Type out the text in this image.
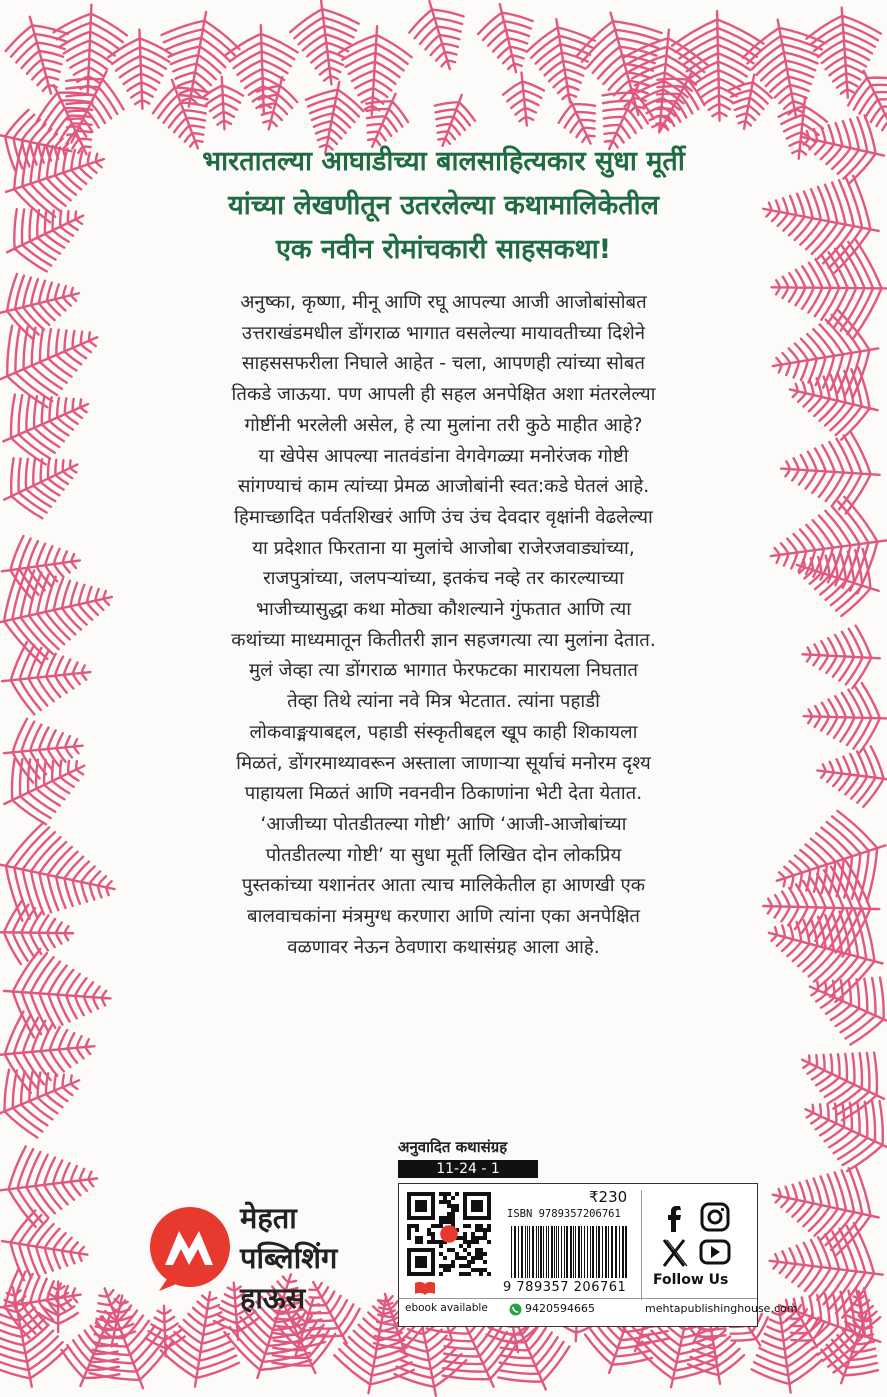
भारतातल्या आघाडीच्या बालसाहित्यकार सुधा मूर्ती
यांच्या लेखणीतून उतरलेल्या कथामालिकेतील
एक नवीन रोमांचकारी साहसकथा!
अनुष्का, कृष्णा, मीनू आणि रघू आपल्या आजी आजोबांसोबत
उत्तराखंडमधील डोंगराळ भागात वसलेल्या मायावतीच्या दिशेने
साहससफरीला निघाले आहेत - चला, आपणही त्यांच्या सोबत
तिकडे जाऊया. पण आपली ही सहल अनपेक्षित अशा मंतरलेल्या
गोष्टींनी भरलेली असेल, हे त्या मुलांना तरी कुठे माहीत आहे?
या खेपेस आपल्या नातवंडांना वेगवेगळ्या मनोरंजक गोष्टी
सांगण्याचं काम त्यांच्या प्रेमळ आजोबांनी स्वत:कडे घेतलं आहे.
हिमाच्छादित पर्वतशिखरं आणि उंच उंच देवदार वृक्षांनी वेढलेल्या
या प्रदेशात फिरताना या मुलांचे आजोबा राजेरजवाड्यांच्या,
राजपुत्रांच्या, जलपऱ्यांच्या, इतकंच नव्हे तर कारल्याच्या
भाजीच्यासुद्धा कथा मोठ्या कौशल्याने गुंफतात आणि त्या
कथांच्या माध्यमातून कितीतरी ज्ञान सहजगत्या त्या मुलांना देतात.
मुलं जेव्हा त्या डोंगराळ भागात फेरफटका मारायला निघतात
तेव्हा तिथे त्यांना नवे मित्र भेटतात. त्यांना पहाडी
लोकवाङ्मयाबद्दल, पहाडी संस्कृतीबद्दल खूप काही शिकायला
मिळतं, डोंगरमाथ्यावरून अस्ताला जाणाऱ्या सूर्याचं मनोरम दृश्य
पाहायला मिळतं आणि नवनवीन ठिकाणांना भेटी देता येतात.
‘आजीच्या पोतडीतल्या गोष्टी’ आणि ‘आजी-आजोबांच्या
पोतडीतल्या गोष्टी’ या सुधा मूर्ती लिखित दोन लोकप्रिय
पुस्तकांच्या यशानंतर आता त्याच मालिकेतील हा आणखी एक
बालवाचकांना मंत्रमुग्ध करणारा आणि त्यांना एका अनपेक्षित
वळणावर नेऊन ठेवणारा कथासंग्रह आला आहे.
मेहता
पब्लिशिंग
हाऊस
अनुवादित कथासंग्रह
11-24 - 1
₹230
ISBN 9789357206761
9 789357 206761 Follow Us
ebook available	9420594665	mehtapublishinghouse.com
